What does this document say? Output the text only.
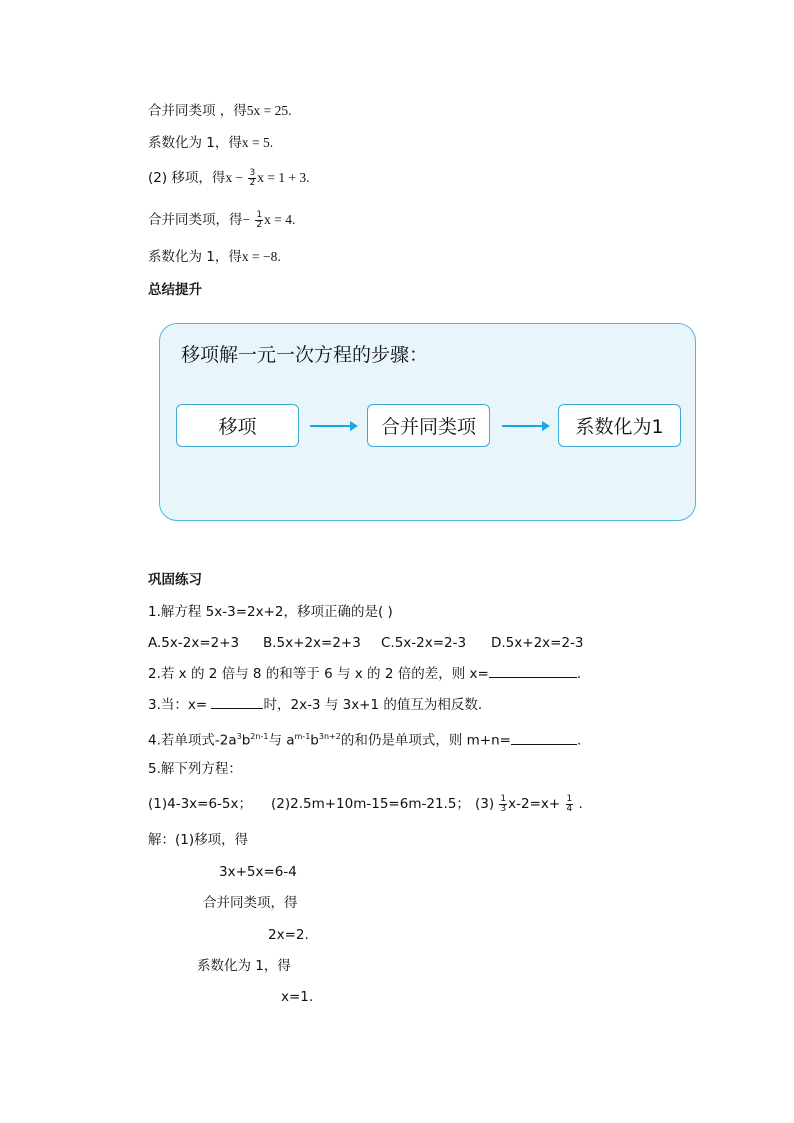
合并同类项 ，得5x = 25.
系数化为 1，得x = 5.
(2) 移项，得$x - \frac{3}{2}$ x = 1 + 3.
合并同类项，得− $\frac{1}{2}$ x = 4.
系数化为 1，得x = −8.
总结提升
移项解一元一次方程的步骤：
移项	合并同类项	系数化为1
巩固练习
1.解方程 5x-3=2x+2，移项正确的是( )
A.5x-2x=2+3 B.5x+2x=2+3 C.5x-2x=2-3 D.5x+2x=2-3
2.若 x 的 2 倍与 8 的和等于 6 与 x 的 2 倍的差，则 x=	.
3.当：x=	时，2x-3 与 3x+1 的值互为相反数.
4.若单项式$-2a^3b^{2n-1}$与 $a^{m-1}b^{3n+2}$的和仍是单项式，则 m+n=	.
5.解下列方程：
(1)4-3x=6-5x； (2)2.5m+10m-15=6m-21.5； $(3) \frac{1}{3} x-2=x+ \frac{1}{4}$ .
解：(1)移项，得
3x+5x=6-4
合并同类项，得
2x=2.
系数化为 1，得
x=1.
